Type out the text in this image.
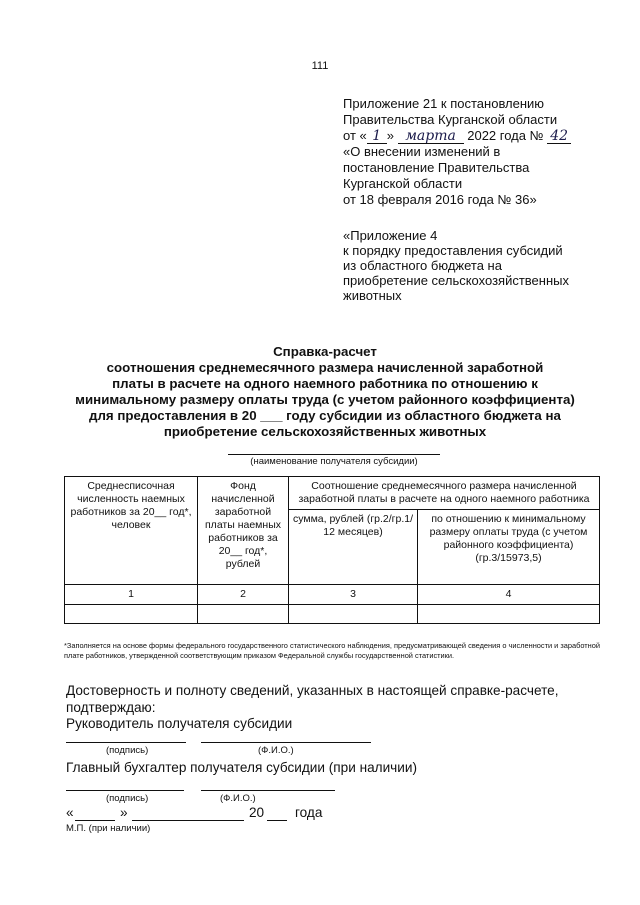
111
Приложение 21 к постановлению
Правительства Курганской области
от « 1 » марта 2022 года № 42
«О внесении изменений в
постановление Правительства
Курганской области
от 18 февраля 2016 года № 36»
«Приложение 4
к порядку предоставления субсидий
из областного бюджета на
приобретение сельскохозяйственных
животных
Справка-расчет
соотношения среднемесячного размера начисленной заработной
платы в расчете на одного наемного работника по отношению к
минимальному размеру оплаты труда (с учетом районного коэффициента)
для предоставления в 20 ___ году субсидии из областного бюджета на
приобретение сельскохозяйственных животных
(наименование получателя субсидии)
Среднесписочная численность наемных работников за 20__ год*, человек	Фонд начисленной заработной платы наемных работников за 20__ год*, рублей	Соотношение среднемесячного размера начисленной заработной платы в расчете на одного наемного работника	
		сумма, рублей (гр.2/гр.1/ 12 месяцев)	по отношению к минимальному размеру оплаты труда (с учетом районного коэффициента) (гр.3/15973,5)
1	2	3	4

*Заполняется на основе формы федерального государственного статистического наблюдения, предусматривающей сведения о численности и заработной плате работников, утвержденной соответствующим приказом Федеральной службы государственной статистики.
Достоверность и полноту сведений, указанных в настоящей справке-расчете,
подтверждаю:
Руководитель получателя субсидии
(подпись)	(Ф.И.О.)
Главный бухгалтер получателя субсидии (при наличии)
(подпись)	(Ф.И.О.)
«	»	20 года
М.П. (при наличии)
